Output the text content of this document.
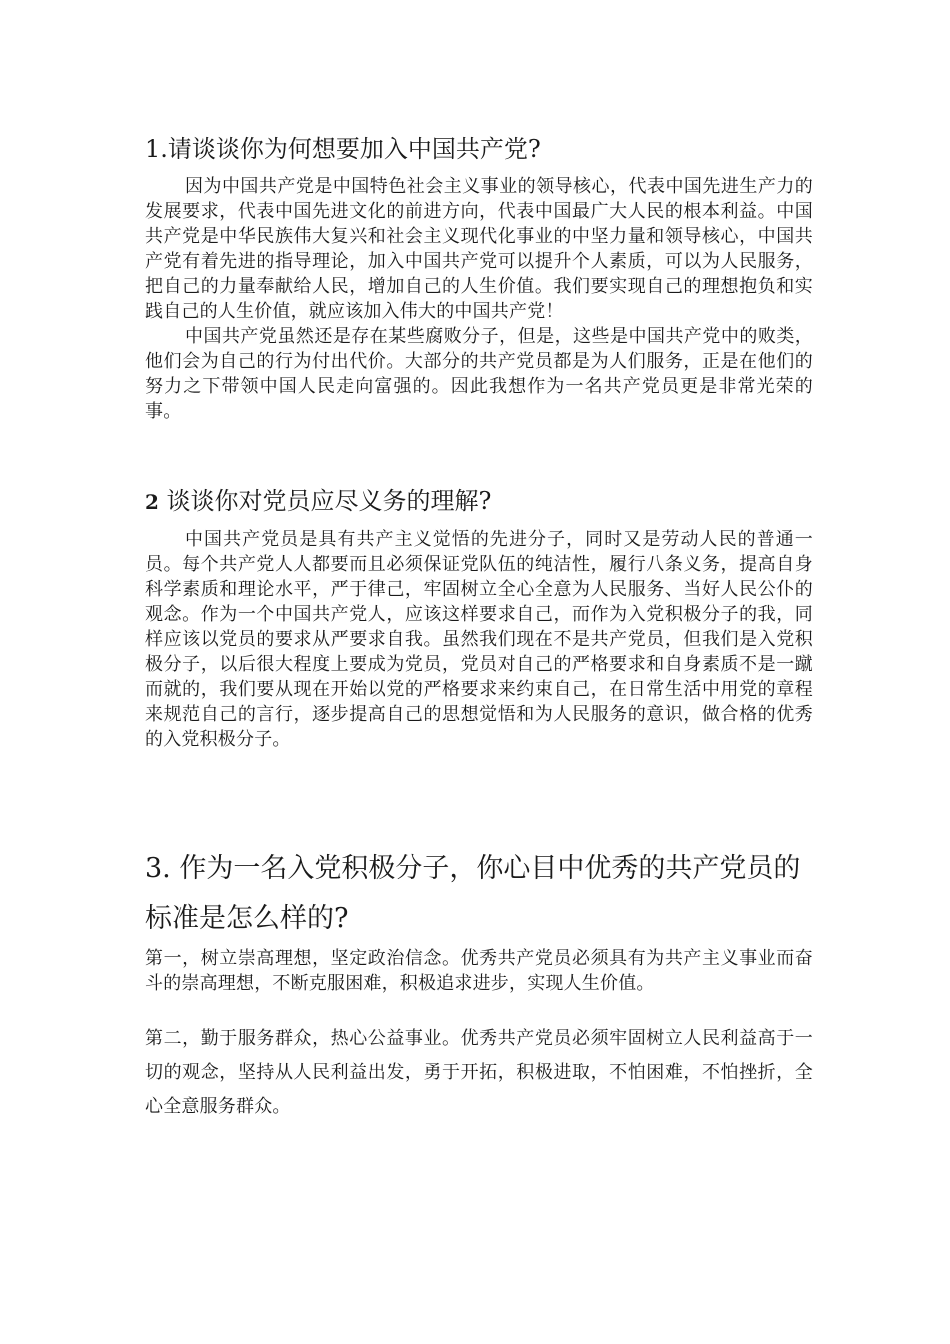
1.请谈谈你为何想要加入中国共产党?

因为中国共产党是中国特色社会主义事业的领导核心，代表中国先进生产力的发展要求，代表中国先进文化的前进方向，代表中国最广大人民的根本利益。中国共产党是中华民族伟大复兴和社会主义现代化事业的中坚力量和领导核心，中国共产党有着先进的指导理论，加入中国共产党可以提升个人素质，可以为人民服务，把自己的力量奉献给人民，增加自己的人生价值。我们要实现自己的理想抱负和实践自己的人生价值，就应该加入伟大的中国共产党！

中国共产党虽然还是存在某些腐败分子，但是，这些是中国共产党中的败类，他们会为自己的行为付出代价。大部分的共产党员都是为人们服务，正是在他们的努力之下带领中国人民走向富强的。因此我想作为一名共产党员更是非常光荣的事。

2 谈谈你对党员应尽义务的理解?

中国共产党员是具有共产主义觉悟的先进分子，同时又是劳动人民的普通一员。每个共产党人人都要而且必须保证党队伍的纯洁性，履行八条义务，提高自身科学素质和理论水平，严于律己，牢固树立全心全意为人民服务、当好人民公仆的观念。作为一个中国共产党人，应该这样要求自己，而作为入党积极分子的我，同样应该以党员的要求从严要求自我。虽然我们现在不是共产党员，但我们是入党积极分子，以后很大程度上要成为党员，党员对自己的严格要求和自身素质不是一蹴而就的，我们要从现在开始以党的严格要求来约束自己，在日常生活中用党的章程来规范自己的言行，逐步提高自己的思想觉悟和为人民服务的意识，做合格的优秀的入党积极分子。

3. 作为一名入党积极分子，你心目中优秀的共产党员的标准是怎么样的?

第一，树立崇高理想，坚定政治信念。优秀共产党员必须具有为共产主义事业而奋斗的崇高理想，不断克服困难，积极追求进步，实现人生价值。

第二，勤于服务群众，热心公益事业。优秀共产党员必须牢固树立人民利益高于一切的观念，坚持从人民利益出发，勇于开拓，积极进取，不怕困难，不怕挫折，全心全意服务群众。
